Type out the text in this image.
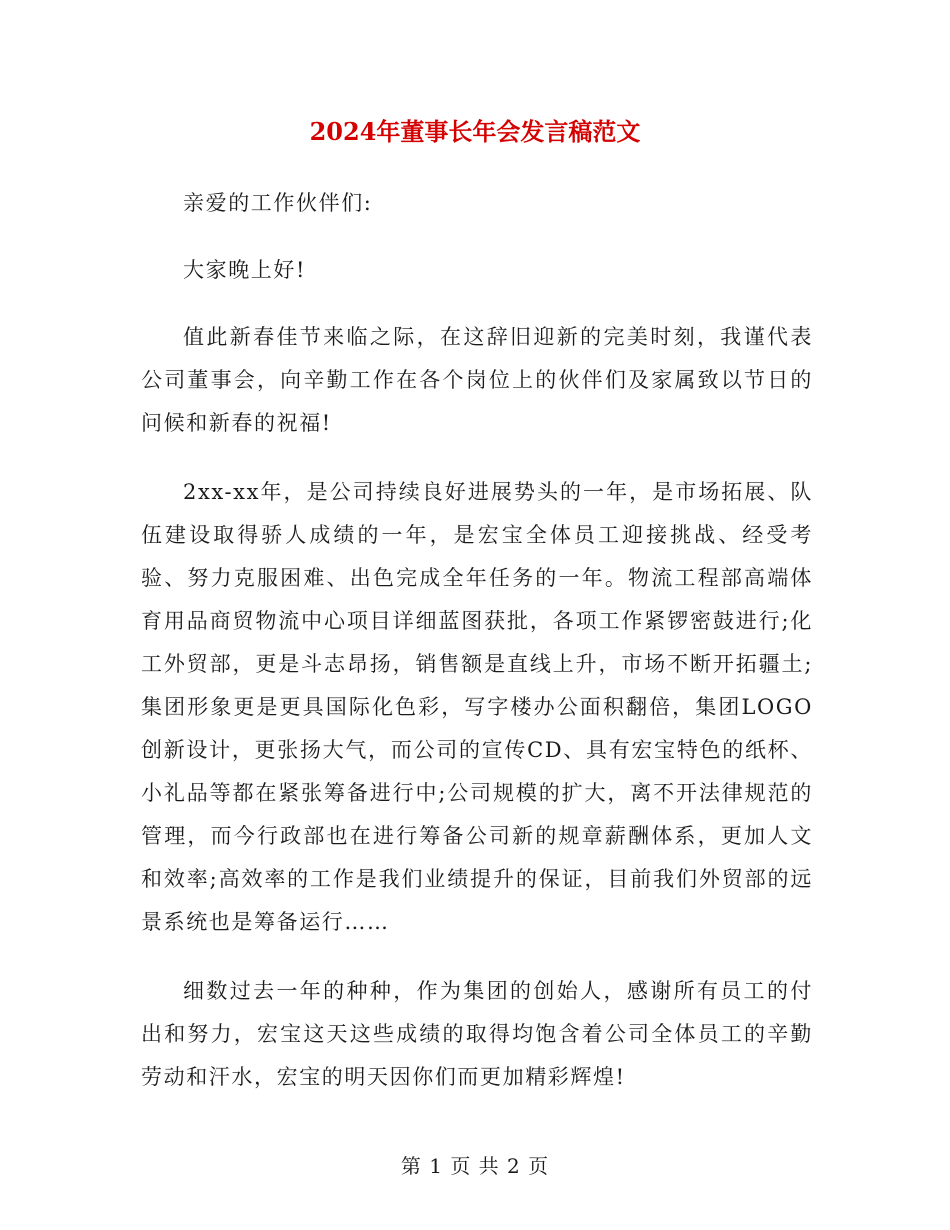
2024年董事长年会发言稿范文

亲爱的工作伙伴们:

大家晚上好!

值此新春佳节来临之际，在这辞旧迎新的完美时刻，我谨代表公司董事会，向辛勤工作在各个岗位上的伙伴们及家属致以节日的问候和新春的祝福!

2xx-xx年，是公司持续良好进展势头的一年，是市场拓展、队伍建设取得骄人成绩的一年，是宏宝全体员工迎接挑战、经受考验、努力克服困难、出色完成全年任务的一年。物流工程部高端体育用品商贸物流中心项目详细蓝图获批，各项工作紧锣密鼓进行;化工外贸部，更是斗志昂扬，销售额是直线上升，市场不断开拓疆土;集团形象更是更具国际化色彩，写字楼办公面积翻倍，集团LOGO创新设计，更张扬大气，而公司的宣传CD、具有宏宝特色的纸杯、小礼品等都在紧张筹备进行中;公司规模的扩大，离不开法律规范的管理，而今行政部也在进行筹备公司新的规章薪酬体系，更加人文和效率;高效率的工作是我们业绩提升的保证，目前我们外贸部的远景系统也是筹备运行……

细数过去一年的种种，作为集团的创始人，感谢所有员工的付出和努力，宏宝这天这些成绩的取得均饱含着公司全体员工的辛勤劳动和汗水，宏宝的明天因你们而更加精彩辉煌!

第 1 页 共 2 页
